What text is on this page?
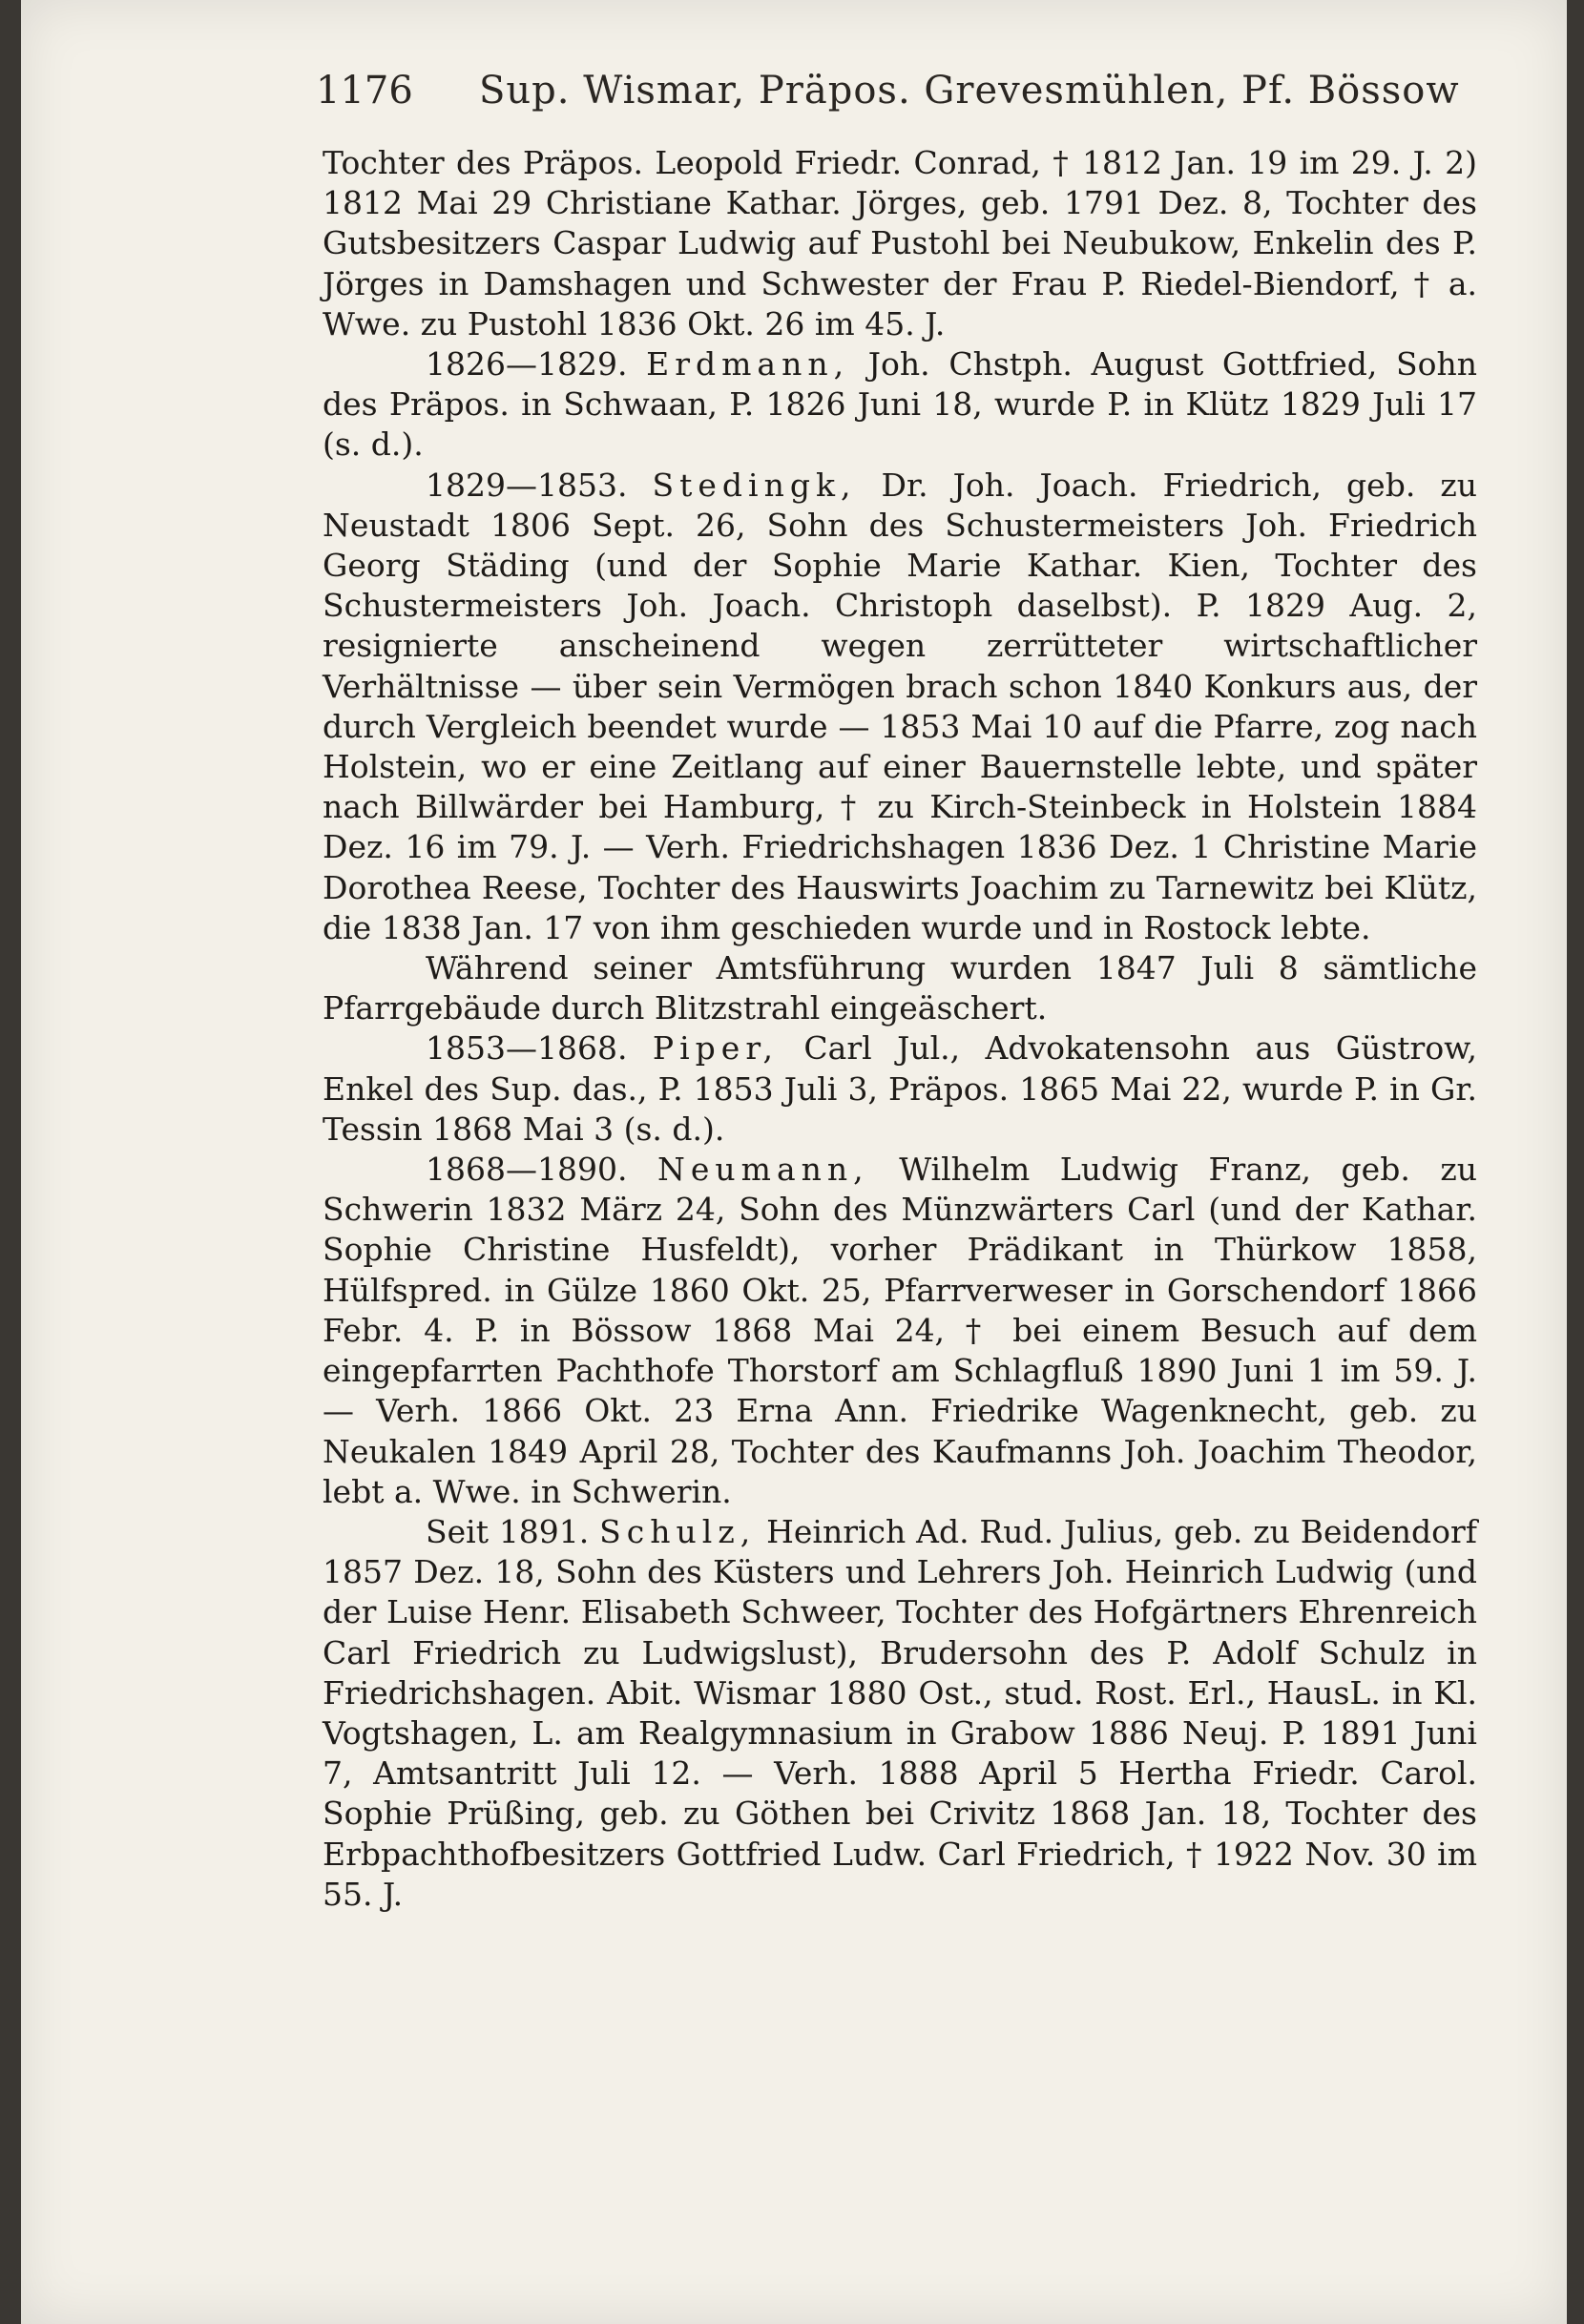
1176 Sup. Wismar, Präpos. Grevesmühlen, Pf. Bössow

Tochter des Präpos. Leopold Friedr. Conrad, † 1812 Jan. 19 im 29. J. 2) 1812 Mai 29 Christiane Kathar. Jörges, geb. 1791 Dez. 8, Tochter des Gutsbesitzers Caspar Ludwig auf Pustohl bei Neubukow, Enkelin des P. Jörges in Damshagen und Schwester der Frau P. Riedel-Biendorf, † a. Wwe. zu Pustohl 1836 Okt. 26 im 45. J.

1826—1829. Erdmann, Joh. Chstph. August Gottfried, Sohn des Präpos. in Schwaan, P. 1826 Juni 18, wurde P. in Klütz 1829 Juli 17 (s. d.).

1829—1853. Stedingk, Dr. Joh. Joach. Friedrich, geb. zu Neustadt 1806 Sept. 26, Sohn des Schustermeisters Joh. Friedrich Georg Städing (und der Sophie Marie Kathar. Kien, Tochter des Schustermeisters Joh. Joach. Christoph daselbst). P. 1829 Aug. 2, resignierte anscheinend wegen zerrütteter wirtschaftlicher Verhältnisse — über sein Vermögen brach schon 1840 Konkurs aus, der durch Vergleich beendet wurde — 1853 Mai 10 auf die Pfarre, zog nach Holstein, wo er eine Zeitlang auf einer Bauernstelle lebte, und später nach Billwärder bei Hamburg, † zu Kirch-Steinbeck in Holstein 1884 Dez. 16 im 79. J. — Verh. Friedrichshagen 1836 Dez. 1 Christine Marie Dorothea Reese, Tochter des Hauswirts Joachim zu Tarnewitz bei Klütz, die 1838 Jan. 17 von ihm geschieden wurde und in Rostock lebte.

Während seiner Amtsführung wurden 1847 Juli 8 sämtliche Pfarrgebäude durch Blitzstrahl eingeäschert.

1853—1868. Piper, Carl Jul., Advokatensohn aus Güstrow, Enkel des Sup. das., P. 1853 Juli 3, Präpos. 1865 Mai 22, wurde P. in Gr. Tessin 1868 Mai 3 (s. d.).

1868—1890. Neumann, Wilhelm Ludwig Franz, geb. zu Schwerin 1832 März 24, Sohn des Münzwärters Carl (und der Kathar. Sophie Christine Husfeldt), vorher Prädikant in Thürkow 1858, Hülfspred. in Gülze 1860 Okt. 25, Pfarrverweser in Gorschendorf 1866 Febr. 4. P. in Bössow 1868 Mai 24, † bei einem Besuch auf dem eingepfarrten Pachthofe Thorstorf am Schlagfluß 1890 Juni 1 im 59. J. — Verh. 1866 Okt. 23 Erna Ann. Friedrike Wagenknecht, geb. zu Neukalen 1849 April 28, Tochter des Kaufmanns Joh. Joachim Theodor, lebt a. Wwe. in Schwerin.

Seit 1891. Schulz, Heinrich Ad. Rud. Julius, geb. zu Beidendorf 1857 Dez. 18, Sohn des Küsters und Lehrers Joh. Heinrich Ludwig (und der Luise Henr. Elisabeth Schweer, Tochter des Hofgärtners Ehrenreich Carl Friedrich zu Ludwigslust), Brudersohn des P. Adolf Schulz in Friedrichshagen. Abit. Wismar 1880 Ost., stud. Rost. Erl., HausL. in Kl. Vogtshagen, L. am Realgymnasium in Grabow 1886 Neuj. P. 1891 Juni 7, Amtsantritt Juli 12. — Verh. 1888 April 5 Hertha Friedr. Carol. Sophie Prüßing, geb. zu Göthen bei Crivitz 1868 Jan. 18, Tochter des Erbpachthofbesitzers Gottfried Ludw. Carl Friedrich, † 1922 Nov. 30 im 55. J.
